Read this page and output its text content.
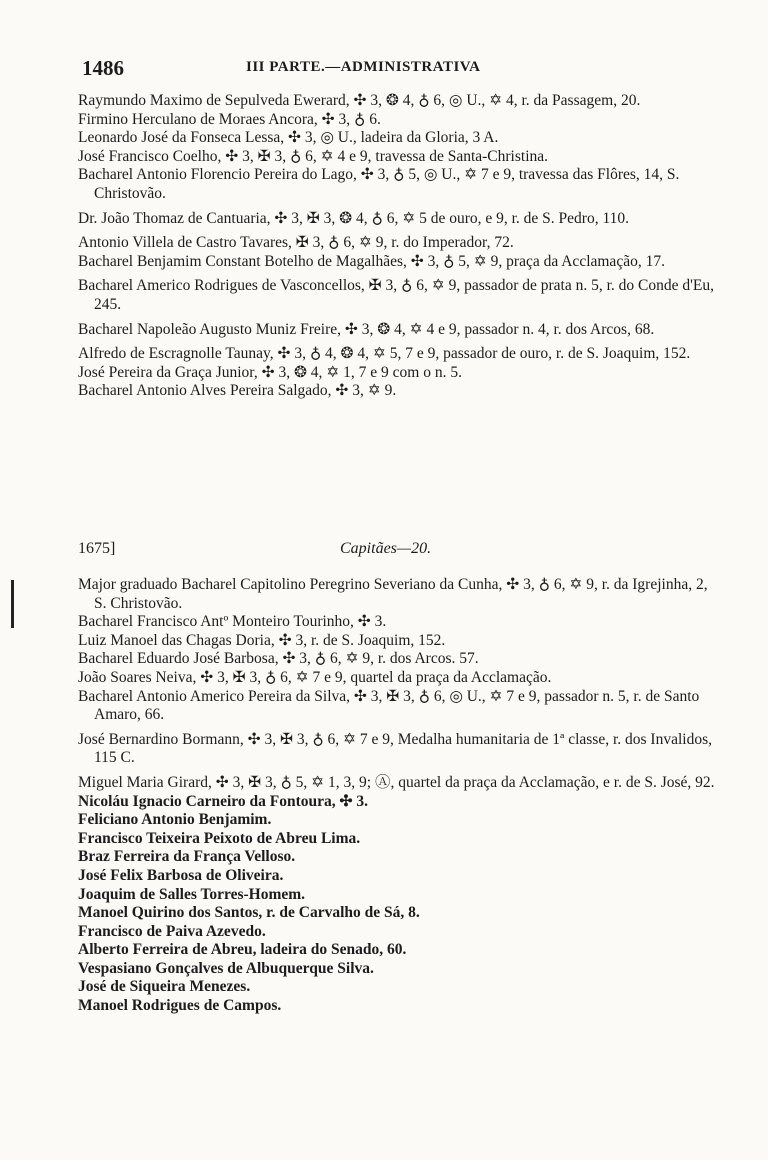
1486	III PARTE.—ADMINISTRATIVA

Raymundo Maximo de Sepulveda Ewerard, ✣ 3, ❂ 4, ♁ 6, ◎ U., ✡ 4, r. da Passagem, 20.

Firmino Herculano de Moraes Ancora, ✣ 3, ♁ 6.

Leonardo José da Fonseca Lessa, ✣ 3, ◎ U., ladeira da Gloria, 3 A.

José Francisco Coelho, ✣ 3, ✠ 3, ♁ 6, ✡ 4 e 9, travessa de Santa-Christina.

Bacharel Antonio Florencio Pereira do Lago, ✣ 3, ♁ 5, ◎ U., ✡ 7 e 9, travessa das Flôres, 14, S. Christovão.

Dr. João Thomaz de Cantuaria, ✣ 3, ✠ 3, ❂ 4, ♁ 6, ✡ 5 de ouro, e 9, r. de S. Pedro, 110.

Antonio Villela de Castro Tavares, ✠ 3, ♁ 6, ✡ 9, r. do Imperador, 72.

Bacharel Benjamim Constant Botelho de Magalhães, ✣ 3, ♁ 5, ✡ 9, praça da Acclamação, 17.

Bacharel Americo Rodrigues de Vasconcellos, ✠ 3, ♁ 6, ✡ 9, passador de prata n. 5, r. do Conde d'Eu, 245.

Bacharel Napoleão Augusto Muniz Freire, ✣ 3, ❂ 4, ✡ 4 e 9, passador n. 4, r. dos Arcos, 68.

Alfredo de Escragnolle Taunay, ✣ 3, ♁ 4, ❂ 4, ✡ 5, 7 e 9, passador de ouro, r. de S. Joaquim, 152.

José Pereira da Graça Junior, ✣ 3, ❂ 4, ✡ 1, 7 e 9 com o n. 5.

Bacharel Antonio Alves Pereira Salgado, ✣ 3, ✡ 9.

1675]	Capitães—20.

Major graduado Bacharel Capitolino Peregrino Severiano da Cunha, ✣ 3, ♁ 6, ✡ 9, r. da Igrejinha, 2, S. Christovão.

Bacharel Francisco Antº Monteiro Tourinho, ✣ 3.

Luiz Manoel das Chagas Doria, ✣ 3, r. de S. Joaquim, 152.

Bacharel Eduardo José Barbosa, ✣ 3, ♁ 6, ✡ 9, r. dos Arcos. 57.

João Soares Neiva, ✣ 3, ✠ 3, ♁ 6, ✡ 7 e 9, quartel da praça da Acclamação.

Bacharel Antonio Americo Pereira da Silva, ✣ 3, ✠ 3, ♁ 6, ◎ U., ✡ 7 e 9, passador n. 5, r. de Santo Amaro, 66.

José Bernardino Bormann, ✣ 3, ✠ 3, ♁ 6, ✡ 7 e 9, Medalha humanitaria de 1ª classe, r. dos Invalidos, 115 C.

Miguel Maria Girard, ✣ 3, ✠ 3, ♁ 5, ✡ 1, 3, 9; Ⓐ, quartel da praça da Acclamação, e r. de S. José, 92.

Nicoláu Ignacio Carneiro da Fontoura, ✣ 3.

Feliciano Antonio Benjamim.

Francisco Teixeira Peixoto de Abreu Lima.

Braz Ferreira da França Velloso.

José Felix Barbosa de Oliveira.

Joaquim de Salles Torres-Homem.

Manoel Quirino dos Santos, r. de Carvalho de Sá, 8.

Francisco de Paiva Azevedo.

Alberto Ferreira de Abreu, ladeira do Senado, 60.

Vespasiano Gonçalves de Albuquerque Silva.

José de Siqueira Menezes.

Manoel Rodrigues de Campos.
